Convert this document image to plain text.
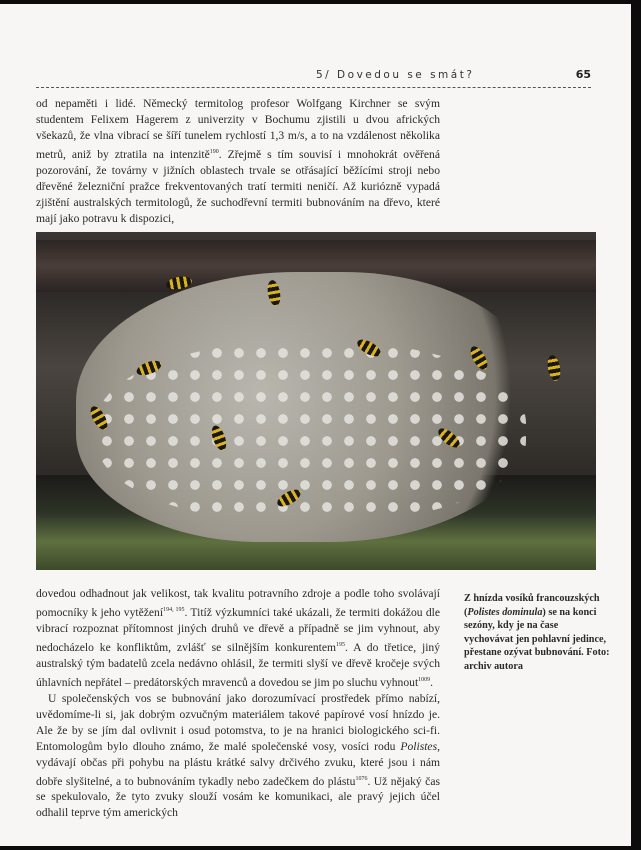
5/ Dovedou se smát?	65

od nepaměti i lidé. Německý termitolog profesor Wolfgang Kirchner se svým studentem Felixem Hagerem z univerzity v Bochumu zjistili u dvou afrických všekazů, že vlna vibrací se šíří tunelem rychlostí 1,3 m/s, a to na vzdálenost několika metrů, aniž by ztratila na intenzitě$^{190}$. Zřejmě s tím souvisí i mnohokrát ověřená pozorování, že továrny v jižních oblastech trvale se otřásající běžícími stroji nebo dřevěné železniční pražce frekventovaných tratí termiti neničí. Až kuriózně vypadá zjištění australských termitologů, že suchodřevní termiti bubnováním na dřevo, které mají jako potravu k dispozici,

dovedou odhadnout jak velikost, tak kvalitu potravního zdroje a podle toho svolávají pomocníky k jeho vytěžení$^{194, 195}$. Titíž výzkumníci také ukázali, že termiti dokážou dle vibrací rozpoznat přítomnost jiných druhů ve dřevě a případně se jim vyhnout, aby nedocházelo ke konfliktům, zvlášť se silnějším konkurentem$^{195}$. A do třetice, jiný australský tým badatelů zcela nedávno ohlásil, že termiti slyší ve dřevě kročeje svých úhlavních nepřátel – predátorských mravenců a dovedou se jim po sluchu vyhnout$^{1009}$.

U společenských vos se bubnování jako dorozumívací prostředek přímo nabízí, uvědomíme-li si, jak dobrým ozvučným materiálem takové papírové vosí hnízdo je. Ale že by se jím dal ovlivnit i osud potomstva, to je na hranici biologického sci-fi. Entomologům bylo dlouho známo, že malé společenské vosy, vosíci rodu Polistes, vydávají občas při pohybu na plástu krátké salvy drčivého zvuku, které jsou i nám dobře slyšitelné, a to bubnováním tykadly nebo zadečkem do plástu$^{1076}$. Už nějaký čas se spekulovalo, že tyto zvuky slouží vosám ke komunikaci, ale pravý jejich účel odhalil teprve tým amerických

Z hnízda vosíků francouzských (Polistes dominula) se na konci sezóny, kdy je na čase vychovávat jen pohlavní jedince, přestane ozývat bubnování. Foto: archiv autora
